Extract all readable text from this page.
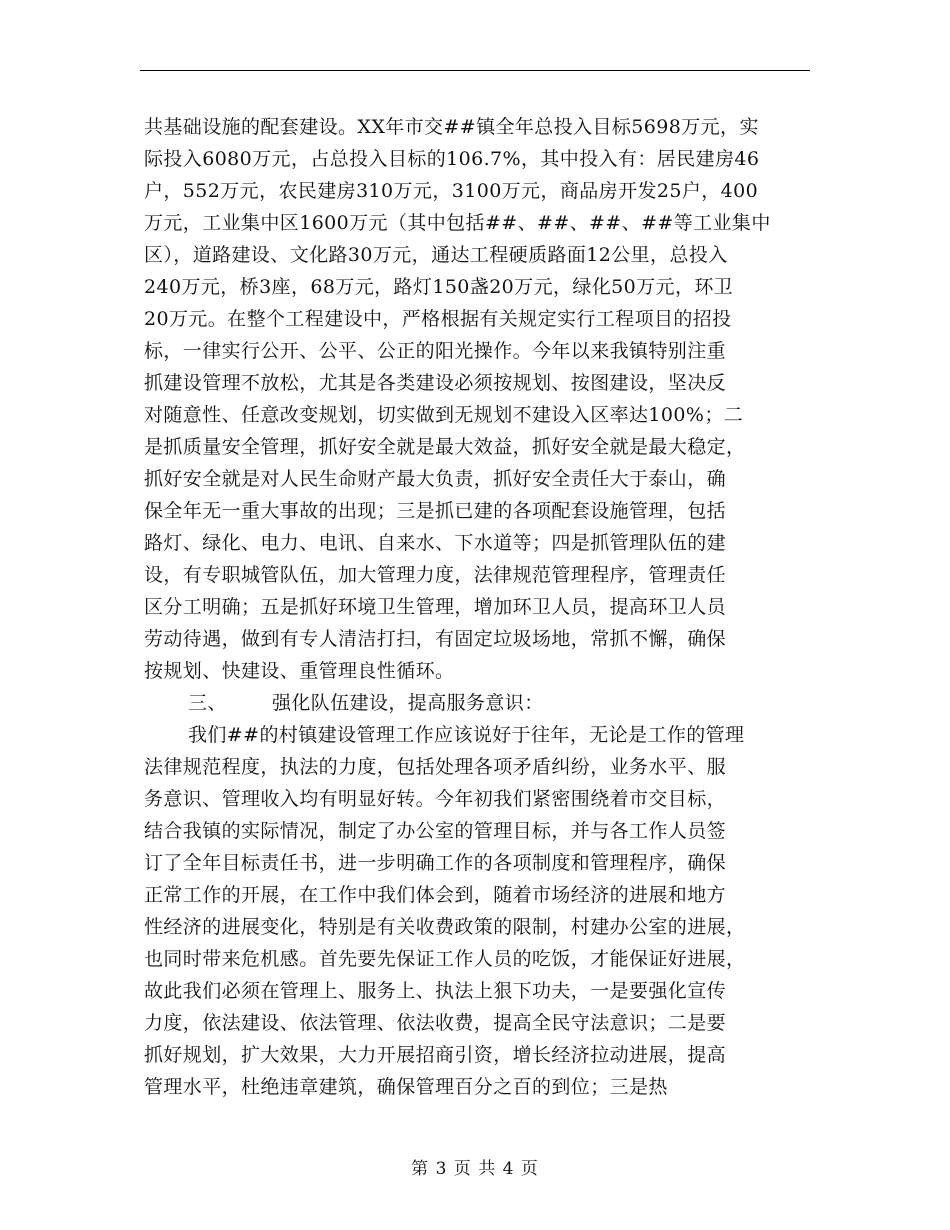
共基础设施的配套建设。XX年市交##镇全年总投入目标5698万元，实
际投入6080万元，占总投入目标的106.7%，其中投入有：居民建房46
户，552万元，农民建房310万元，3100万元，商品房开发25户，400
万元，工业集中区1600万元（其中包括##、##、##、##等工业集中
区），道路建设、文化路30万元，通达工程硬质路面12公里，总投入
240万元，桥3座，68万元，路灯150盏20万元，绿化50万元，环卫
20万元。在整个工程建设中，严格根据有关规定实行工程项目的招投
标，一律实行公开、公平、公正的阳光操作。今年以来我镇特别注重
抓建设管理不放松，尤其是各类建设必须按规划、按图建设，坚决反
对随意性、任意改变规划，切实做到无规划不建设入区率达100%；二
是抓质量安全管理，抓好安全就是最大效益，抓好安全就是最大稳定，
抓好安全就是对人民生命财产最大负责，抓好安全责任大于泰山，确
保全年无一重大事故的出现；三是抓已建的各项配套设施管理，包括
路灯、绿化、电力、电讯、自来水、下水道等；四是抓管理队伍的建
设，有专职城管队伍，加大管理力度，法律规范管理程序，管理责任
区分工明确；五是抓好环境卫生管理，增加环卫人员，提高环卫人员
劳动待遇，做到有专人清洁打扫，有固定垃圾场地，常抓不懈，确保
按规划、快建设、重管理良性循环。
三、 强化队伍建设，提高服务意识：
我们##的村镇建设管理工作应该说好于往年，无论是工作的管理
法律规范程度，执法的力度，包括处理各项矛盾纠纷，业务水平、服
务意识、管理收入均有明显好转。今年初我们紧密围绕着市交目标，
结合我镇的实际情况，制定了办公室的管理目标，并与各工作人员签
订了全年目标责任书，进一步明确工作的各项制度和管理程序，确保
正常工作的开展，在工作中我们体会到，随着市场经济的进展和地方
性经济的进展变化，特别是有关收费政策的限制，村建办公室的进展，
也同时带来危机感。首先要先保证工作人员的吃饭，才能保证好进展，
故此我们必须在管理上、服务上、执法上狠下功夫，一是要强化宣传
力度，依法建设、依法管理、依法收费，提高全民守法意识；二是要
抓好规划，扩大效果，大力开展招商引资，增长经济拉动进展，提高
管理水平，杜绝违章建筑，确保管理百分之百的到位；三是热
第 3 页 共 4 页
